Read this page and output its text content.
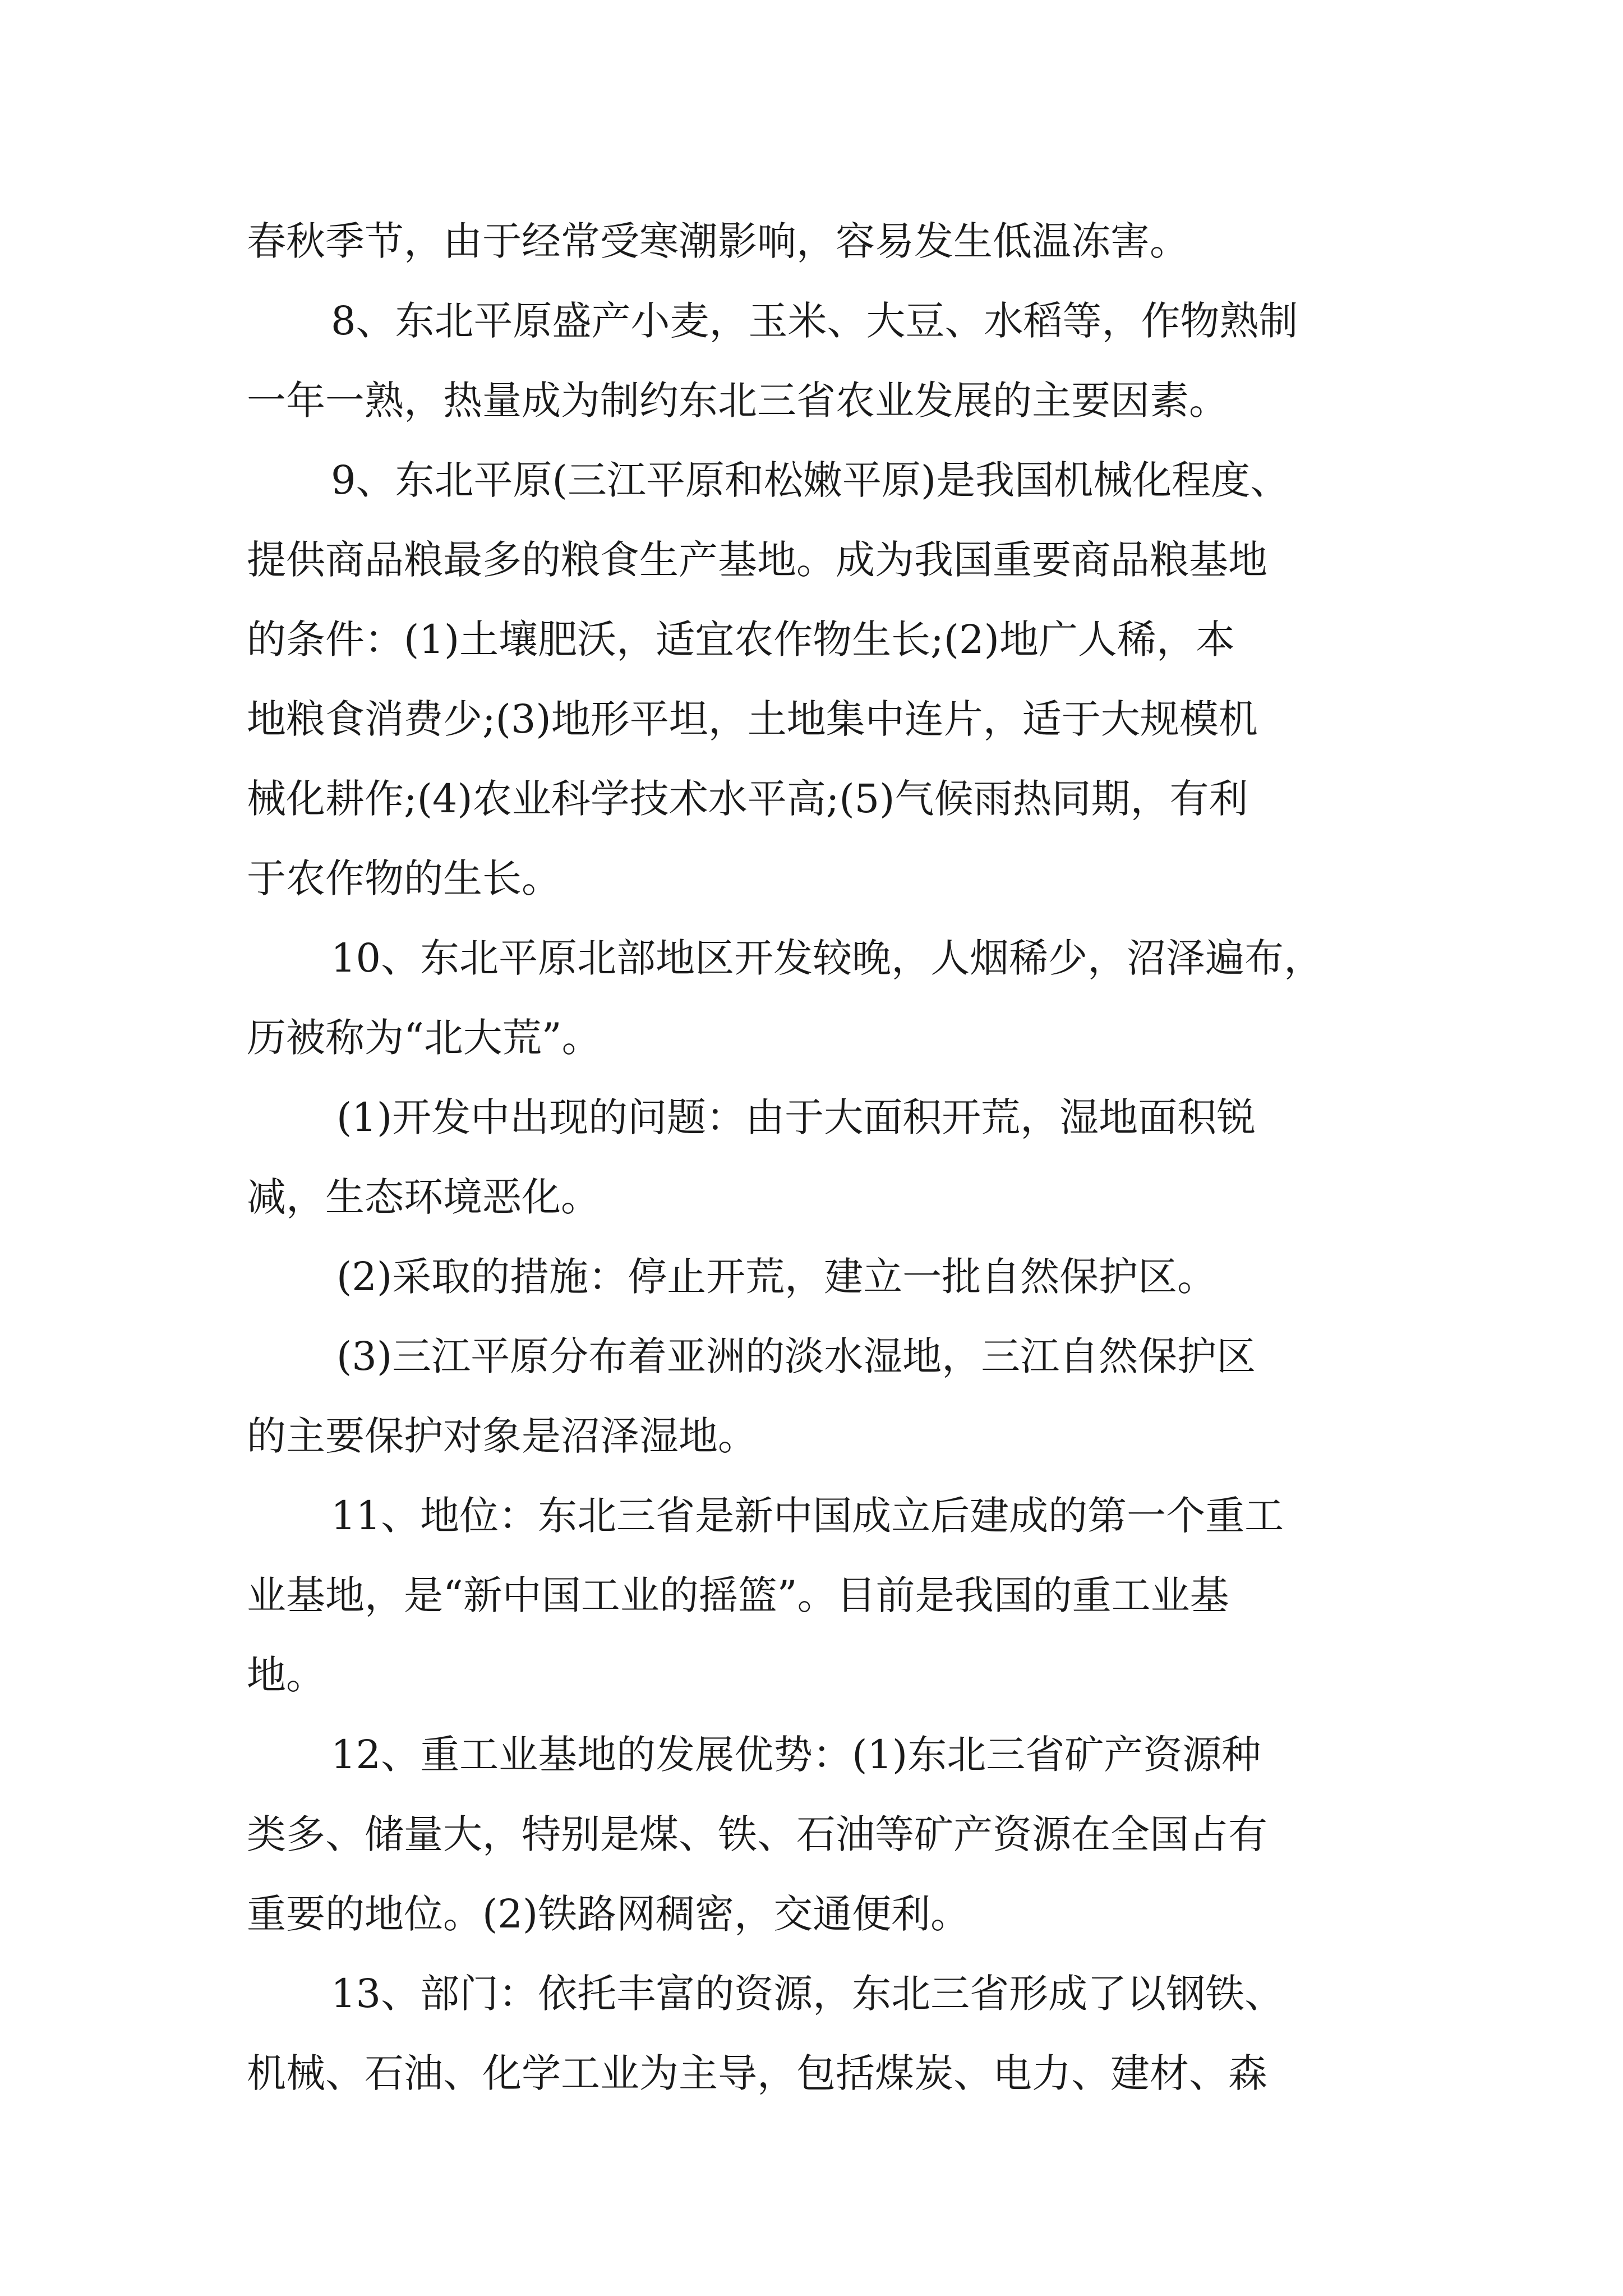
春秋季节，由于经常受寒潮影响，容易发生低温冻害。
8、东北平原盛产小麦，玉米、大豆、水稻等，作物熟制
一年一熟，热量成为制约东北三省农业发展的主要因素。
9、东北平原(三江平原和松嫩平原)是我国机械化程度、
提供商品粮最多的粮食生产基地。成为我国重要商品粮基地
的条件：(1)土壤肥沃，适宜农作物生长;(2)地广人稀，本
地粮食消费少;(3)地形平坦，土地集中连片，适于大规模机
械化耕作;(4)农业科学技术水平高;(5)气候雨热同期，有利
于农作物的生长。
10、东北平原北部地区开发较晚，人烟稀少，沼泽遍布，
历被称为“北大荒”。
(1)开发中出现的问题：由于大面积开荒，湿地面积锐
减，生态环境恶化。
(2)采取的措施：停止开荒，建立一批自然保护区。
(3)三江平原分布着亚洲的淡水湿地，三江自然保护区
的主要保护对象是沼泽湿地。
11、地位：东北三省是新中国成立后建成的第一个重工
业基地，是“新中国工业的摇篮”。目前是我国的重工业基
地。
12、重工业基地的发展优势：(1)东北三省矿产资源种
类多、储量大，特别是煤、铁、石油等矿产资源在全国占有
重要的地位。(2)铁路网稠密，交通便利。
13、部门：依托丰富的资源，东北三省形成了以钢铁、
机械、石油、化学工业为主导，包括煤炭、电力、建材、森
